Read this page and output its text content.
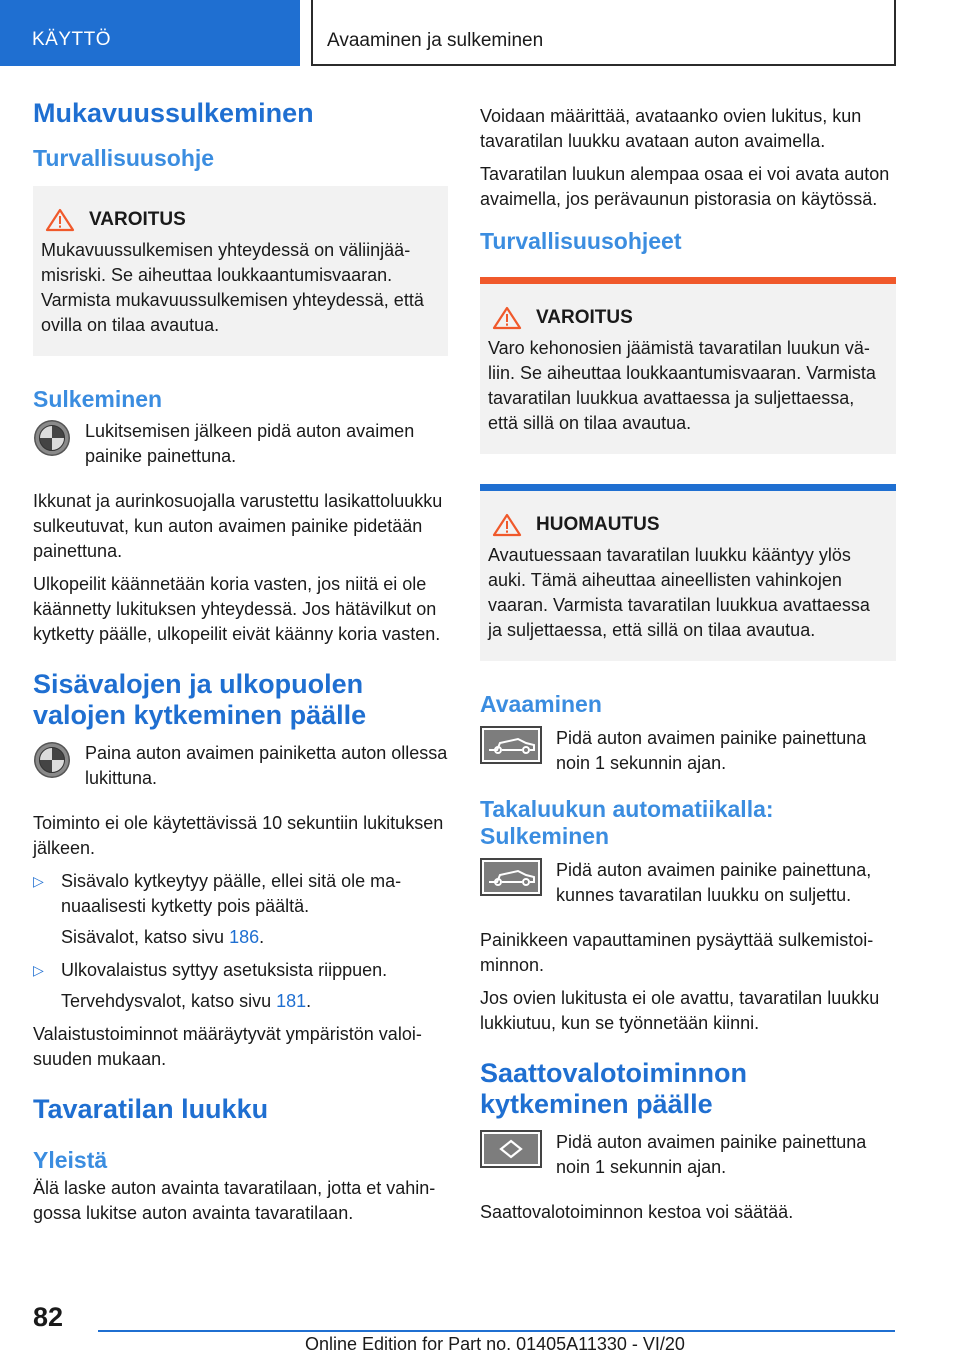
KÄYTTÖ	Avaaminen ja sulkeminen
Mukavuussulkeminen
Turvallisuusohje
VAROITUS

Mukavuussulkemisen yhteydessä on väliinjäämisriski. Se aiheuttaa loukkaantumisvaaran. Varmista mukavuussulkemisen yhteydessä, että ovilla on tilaa avautua.

Sulkeminen

Lukitsemisen jälkeen pidä auton avaimen painike painettuna.

Ikkunat ja aurinkosuojalla varustettu lasikattoluukku sulkeutuvat, kun auton avaimen painike pidetään painettuna.

Ulkopeilit käännetään koria vasten, jos niitä ei ole käännetty lukituksen yhteydessä. Jos hätävilkut on kytketty päälle, ulkopeilit eivät käänny koria vasten.

Sisävalojen ja ulkopuolen valojen kytkeminen päälle

Paina auton avaimen painiketta auton ollessa lukittuna.

Toiminto ei ole käytettävissä 10 sekuntiin lukituksen jälkeen.

▷ Sisävalo kytkeytyy päälle, ellei sitä ole manuaalisesti kytketty pois päältä.

Sisävalot, katso sivu 186.

▷ Ulkovalaistus syttyy asetuksista riippuen.

Tervehdysvalot, katso sivu 181.

Valaistustoiminnot määräytyvät ympäristön valoisuuden mukaan.

Tavaratilan luukku
Yleistä

Älä laske auton avainta tavaratilaan, jotta et vahingossa lukitse auton avainta tavaratilaan.

Voidaan määrittää, avataanko ovien lukitus, kun tavaratilan luukku avataan auton avaimella.

Tavaratilan luukun alempaa osaa ei voi avata auton avaimella, jos perävaunun pistorasia on käytössä.

Turvallisuusohjeet
VAROITUS

Varo kehonosien jäämistä tavaratilan luukun väliin. Se aiheuttaa loukkaantumisvaaran. Varmista tavaratilan luukkua avattaessa ja suljettaessa, että sillä on tilaa avautua.

HUOMAUTUS

Avautuessaan tavaratilan luukku kääntyy ylös auki. Tämä aiheuttaa aineellisten vahinkojen vaaran. Varmista tavaratilan luukkua avattaessa ja suljettaessa, että sillä on tilaa avautua.

Avaaminen

Pidä auton avaimen painike painettuna noin 1 sekunnin ajan.

Takaluukun automatiikalla: Sulkeminen

Pidä auton avaimen painike painettuna, kunnes tavaratilan luukku on suljettu.

Painikkeen vapauttaminen pysäyttää sulkemistoiminnon.

Jos ovien lukitusta ei ole avattu, tavaratilan luukku lukkiutuu, kun se työnnetään kiinni.

Saattovalotoiminnon kytkeminen päälle

Pidä auton avaimen painike painettuna noin 1 sekunnin ajan.

Saattovalotoiminnon kestoa voi säätää.

82
Online Edition for Part no. 01405A11330 - VI/20
